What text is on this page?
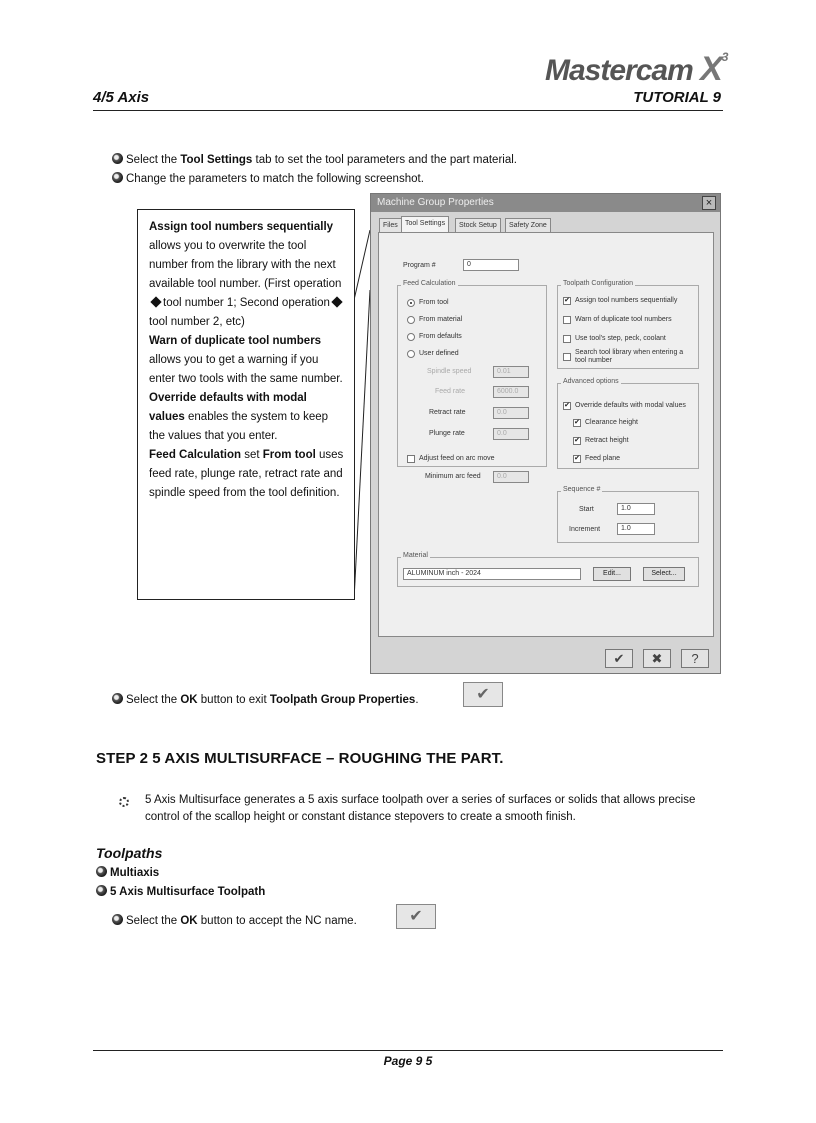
Mastercam $X^3$
4/5 Axis	TUTORIAL 9
Select the Tool Settings tab to set the tool parameters and the part material.
Change the parameters to match the following screenshot.

Assign tool numbers sequentially allows you to overwrite the tool number from the library with the next available tool number. (First operation tool number 1; Second operationtool number 2, etc)

Warn of duplicate tool numbers allows you to get a warning if you enter two tools with the same number.

Override defaults with modal values enables the system to keep the values that you enter.

Feed Calculation set From tool uses feed rate, plunge rate, retract rate and spindle speed from the tool definition.

Machine Group Properties	×
Files	Tool Settings	Stock Setup	Safety Zone
Program #	0
Feed Calculation
From tool
From material
From defaults
User defined
Spindle speed	0.01
Feed rate	6000.0
Retract rate	0.0
Plunge rate	0.0
Adjust feed on arc move
Minimum arc feed	0.0
Toolpath Configuration
✔ Assign tool numbers sequentially
Warn of duplicate tool numbers
Use tool's step, peck, coolant
Search tool library when entering a tool number
Advanced options
✔ Override defaults with modal values
✔ Clearance height
✔ Retract height
✔ Feed plane
Sequence #
Start	1.0
Increment	1.0
Material
ALUMINUM inch - 2024	Edit...	Select...
✔	✖	?
Select the OK button to exit Toolpath Group Properties.	✔
STEP 2 5 AXIS MULTISURFACE – ROUGHING THE PART.
5 Axis Multisurface generates a 5 axis surface toolpath over a series of surfaces or solids that allows precise control of the scallop height or constant distance stepovers to create a smooth finish.
Toolpaths
Multiaxis
5 Axis Multisurface Toolpath
Select the OK button to accept the NC name.	✔
Page 9 5
